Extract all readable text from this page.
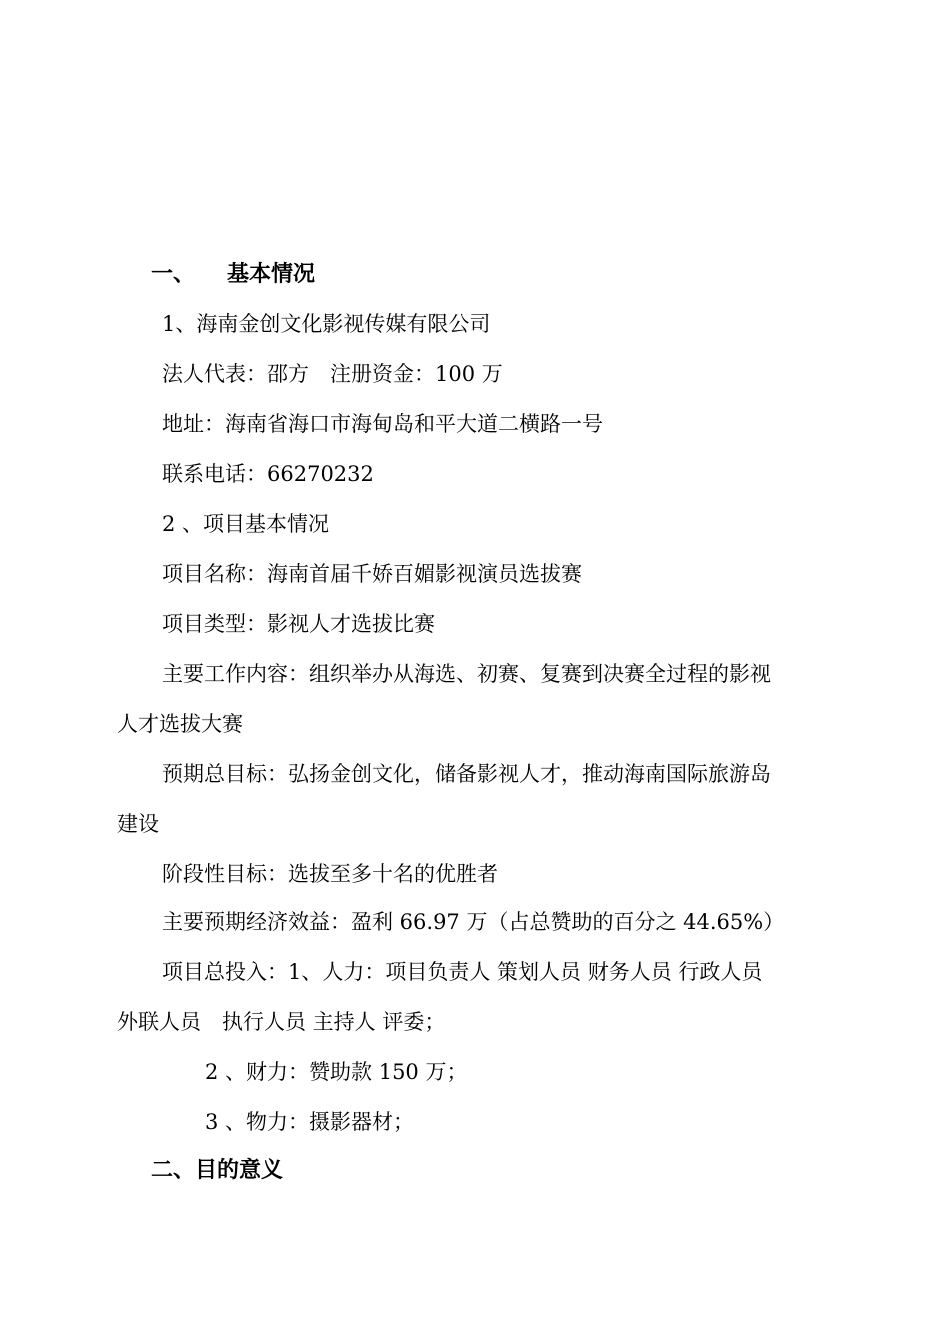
一、 基本情况
1、海南金创文化影视传媒有限公司
法人代表：邵方　注册资金：100 万
地址：海南省海口市海甸岛和平大道二横路一号
联系电话：66270232
2 、项目基本情况
项目名称：海南首届千娇百媚影视演员选拔赛
项目类型：影视人才选拔比赛
主要工作内容：组织举办从海选、初赛、复赛到决赛全过程的影视
人才选拔大赛
预期总目标：弘扬金创文化，储备影视人才，推动海南国际旅游岛
建设
阶段性目标：选拔至多十名的优胜者
主要预期经济效益：盈利 66.97 万（占总赞助的百分之 44.65%）
项目总投入：1、人力：项目负责人 策划人员 财务人员 行政人员
外联人员　执行人员 主持人 评委；
2 、财力：赞助款 150 万；
3 、物力：摄影器材；
二、目的意义
